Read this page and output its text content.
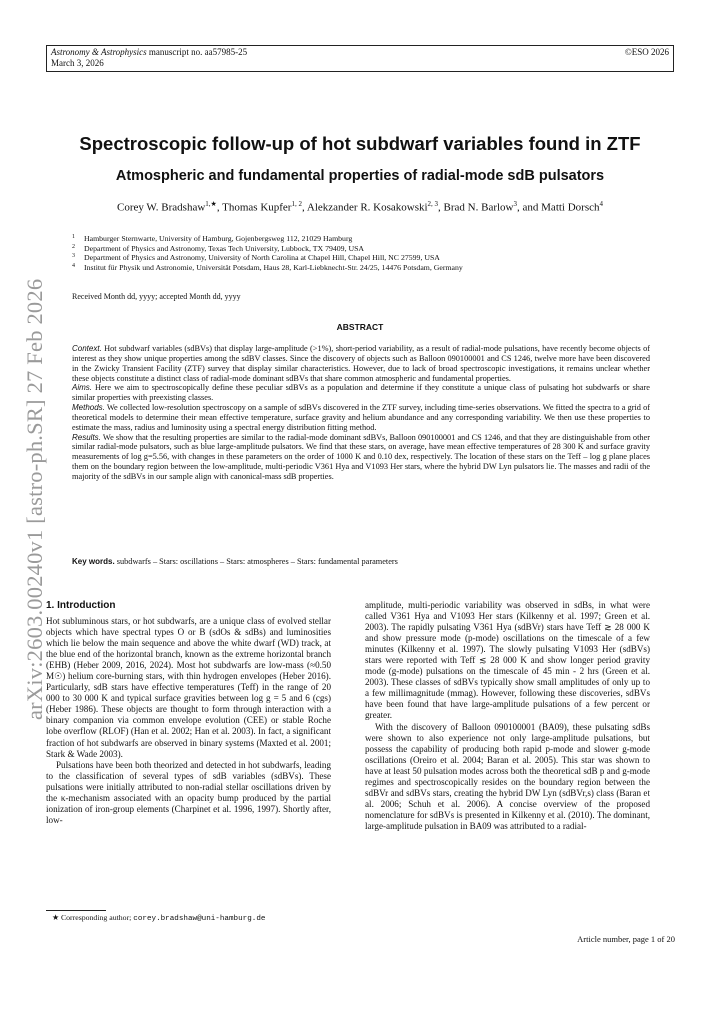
Astronomy & Astrophysics manuscript no. aa57985-25
March 3, 2026
©ESO 2026
arXiv:2603.00240v1 [astro-ph.SR] 27 Feb 2026
Spectroscopic follow-up of hot subdwarf variables found in ZTF
Atmospheric and fundamental properties of radial-mode sdB pulsators
Corey W. Bradshaw$^{1,★}$, Thomas Kupfer$^{1, 2}$, Alekzander R. Kosakowski$^{2, 3}$, Brad N. Barlow$^3$, and Matti Dorsch$^4$
1 Hamburger Sternwarte, University of Hamburg, Gojenbergsweg 112, 21029 Hamburg
2 Department of Physics and Astronomy, Texas Tech University, Lubbock, TX 79409, USA
3 Department of Physics and Astronomy, University of North Carolina at Chapel Hill, Chapel Hill, NC 27599, USA
4 Institut für Physik und Astronomie, Universität Potsdam, Haus 28, Karl-Liebknecht-Str. 24/25, 14476 Potsdam, Germany
Received Month dd, yyyy; accepted Month dd, yyyy
ABSTRACT

Context. Hot subdwarf variables (sdBVs) that display large-amplitude (>1%), short-period variability, as a result of radial-mode pulsations, have recently become objects of interest as they show unique properties among the sdBV classes. Since the discovery of objects such as Balloon 090100001 and CS 1246, twelve more have been discovered in the Zwicky Transient Facility (ZTF) survey that display similar characteristics. However, due to lack of broad spectroscopic investigations, it remains unclear whether these objects constitute a distinct class of radial-mode dominant sdBVs that share common atmospheric and fundamental properties.

Aims. Here we aim to spectroscopically define these peculiar sdBVs as a population and determine if they constitute a unique class of pulsating hot subdwarfs or share similar properties with preexisting classes.

Methods. We collected low-resolution spectroscopy on a sample of sdBVs discovered in the ZTF survey, including time-series observations. We fitted the spectra to a grid of theoretical models to determine their mean effective temperature, surface gravity and helium abundance and any corresponding variability. We then use these properties to estimate the mass, radius and luminosity using a spectral energy distribution fitting method.

Results. We show that the resulting properties are similar to the radial-mode dominant sdBVs, Balloon 090100001 and CS 1246, and that they are distinguishable from other similar radial-mode pulsators, such as blue large-amplitude pulsators. We find that these stars, on average, have mean effective temperatures of 28 300 K and surface gravity measurements of log g=5.56, with changes in these parameters on the order of 1000 K and 0.10 dex, respectively. The location of these stars on the Teff – log g plane places them on the boundary region between the low-amplitude, multi-periodic V361 Hya and V1093 Her stars, where the hybrid DW Lyn pulsators lie. The masses and radii of the majority of the sdBVs in our sample align with canonical-mass sdB properties.

Key words. subdwarfs – Stars: oscillations – Stars: atmospheres – Stars: fundamental parameters
1. Introduction

Hot subluminous stars, or hot subdwarfs, are a unique class of evolved stellar objects which have spectral types O or B (sdOs & sdBs) and luminosities which lie below the main sequence and above the white dwarf (WD) track, at the blue end of the horizontal branch, known as the extreme horizontal branch (EHB) (Heber 2009, 2016, 2024). Most hot subdwarfs are low-mass (≈0.50 M☉) helium core-burning stars, with thin hydrogen envelopes (Heber 2016). Particularly, sdB stars have effective temperatures (Teff) in the range of 20 000 to 30 000 K and typical surface gravities between log g = 5 and 6 (cgs) (Heber 1986). These objects are thought to form through interaction with a binary companion via common envelope evolution (CEE) or stable Roche lobe overflow (RLOF) (Han et al. 2002; Han et al. 2003). In fact, a significant fraction of hot subdwarfs are observed in binary systems (Maxted et al. 2001; Stark & Wade 2003).

Pulsations have been both theorized and detected in hot subdwarfs, leading to the classification of several types of sdB variables (sdBVs). These pulsations were initially attributed to non-radial stellar oscillations driven by the κ-mechanism associated with an opacity bump produced by the partial ionization of iron-group elements (Charpinet et al. 1996, 1997). Shortly after, low-

amplitude, multi-periodic variability was observed in sdBs, in what were called V361 Hya and V1093 Her stars (Kilkenny et al. 1997; Green et al. 2003). The rapidly pulsating V361 Hya (sdBVr) stars have Teff ≳ 28 000 K and show pressure mode (p-mode) oscillations on the timescale of a few minutes (Kilkenny et al. 1997). The slowly pulsating V1093 Her (sdBVs) stars were reported with Teff ≲ 28 000 K and show longer period gravity mode (g-mode) pulsations on the timescale of 45 min - 2 hrs (Green et al. 2003). These classes of sdBVs typically show small amplitudes of only up to a few millimagnitude (mmag). However, following these discoveries, sdBVs have been found that have large-amplitude pulsations of a few percent or greater.

With the discovery of Balloon 090100001 (BA09), these pulsating sdBs were shown to also experience not only large-amplitude pulsations, but possess the capability of producing both rapid p-mode and slower g-mode oscillations (Oreiro et al. 2004; Baran et al. 2005). This star was shown to have at least 50 pulsation modes across both the theoretical sdB p and g-mode regimes and spectroscopically resides on the boundary region between the sdBVr and sdBVs stars, creating the hybrid DW Lyn (sdBVr,s) class (Baran et al. 2006; Schuh et al. 2006). A concise overview of the proposed nomenclature for sdBVs is presented in Kilkenny et al. (2010). The dominant, large-amplitude pulsation in BA09 was attributed to a radial-

★ Corresponding author; corey.bradshaw@uni-hamburg.de
Article number, page 1 of 20
